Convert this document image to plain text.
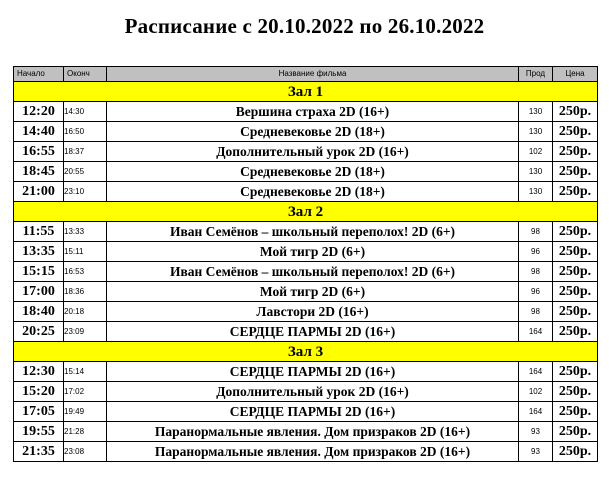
Расписание с 20.10.2022 по 26.10.2022
Начало	Оконч	Название фильма	Прод	Цена
Зал 1				
12:20	14:30	Вершина страха 2D (16+)	130	250р.
14:40	16:50	Средневековье 2D (18+)	130	250р.
16:55	18:37	Дополнительный урок 2D (16+)	102	250р.
18:45	20:55	Средневековье 2D (18+)	130	250р.
21:00	23:10	Средневековье 2D (18+)	130	250р.
Зал 2				
11:55	13:33	Иван Семёнов – школьный переполох! 2D (6+)	98	250р.
13:35	15:11	Мой тигр 2D (6+)	96	250р.
15:15	16:53	Иван Семёнов – школьный переполох! 2D (6+)	98	250р.
17:00	18:36	Мой тигр 2D (6+)	96	250р.
18:40	20:18	Лавстори 2D (16+)	98	250р.
20:25	23:09	СЕРДЦЕ ПАРМЫ 2D (16+)	164	250р.
Зал 3				
12:30	15:14	СЕРДЦЕ ПАРМЫ 2D (16+)	164	250р.
15:20	17:02	Дополнительный урок 2D (16+)	102	250р.
17:05	19:49	СЕРДЦЕ ПАРМЫ 2D (16+)	164	250р.
19:55	21:28	Паранормальные явления. Дом призраков 2D (16+)	93	250р.
21:35	23:08	Паранормальные явления. Дом призраков 2D (16+)	93	250р.
